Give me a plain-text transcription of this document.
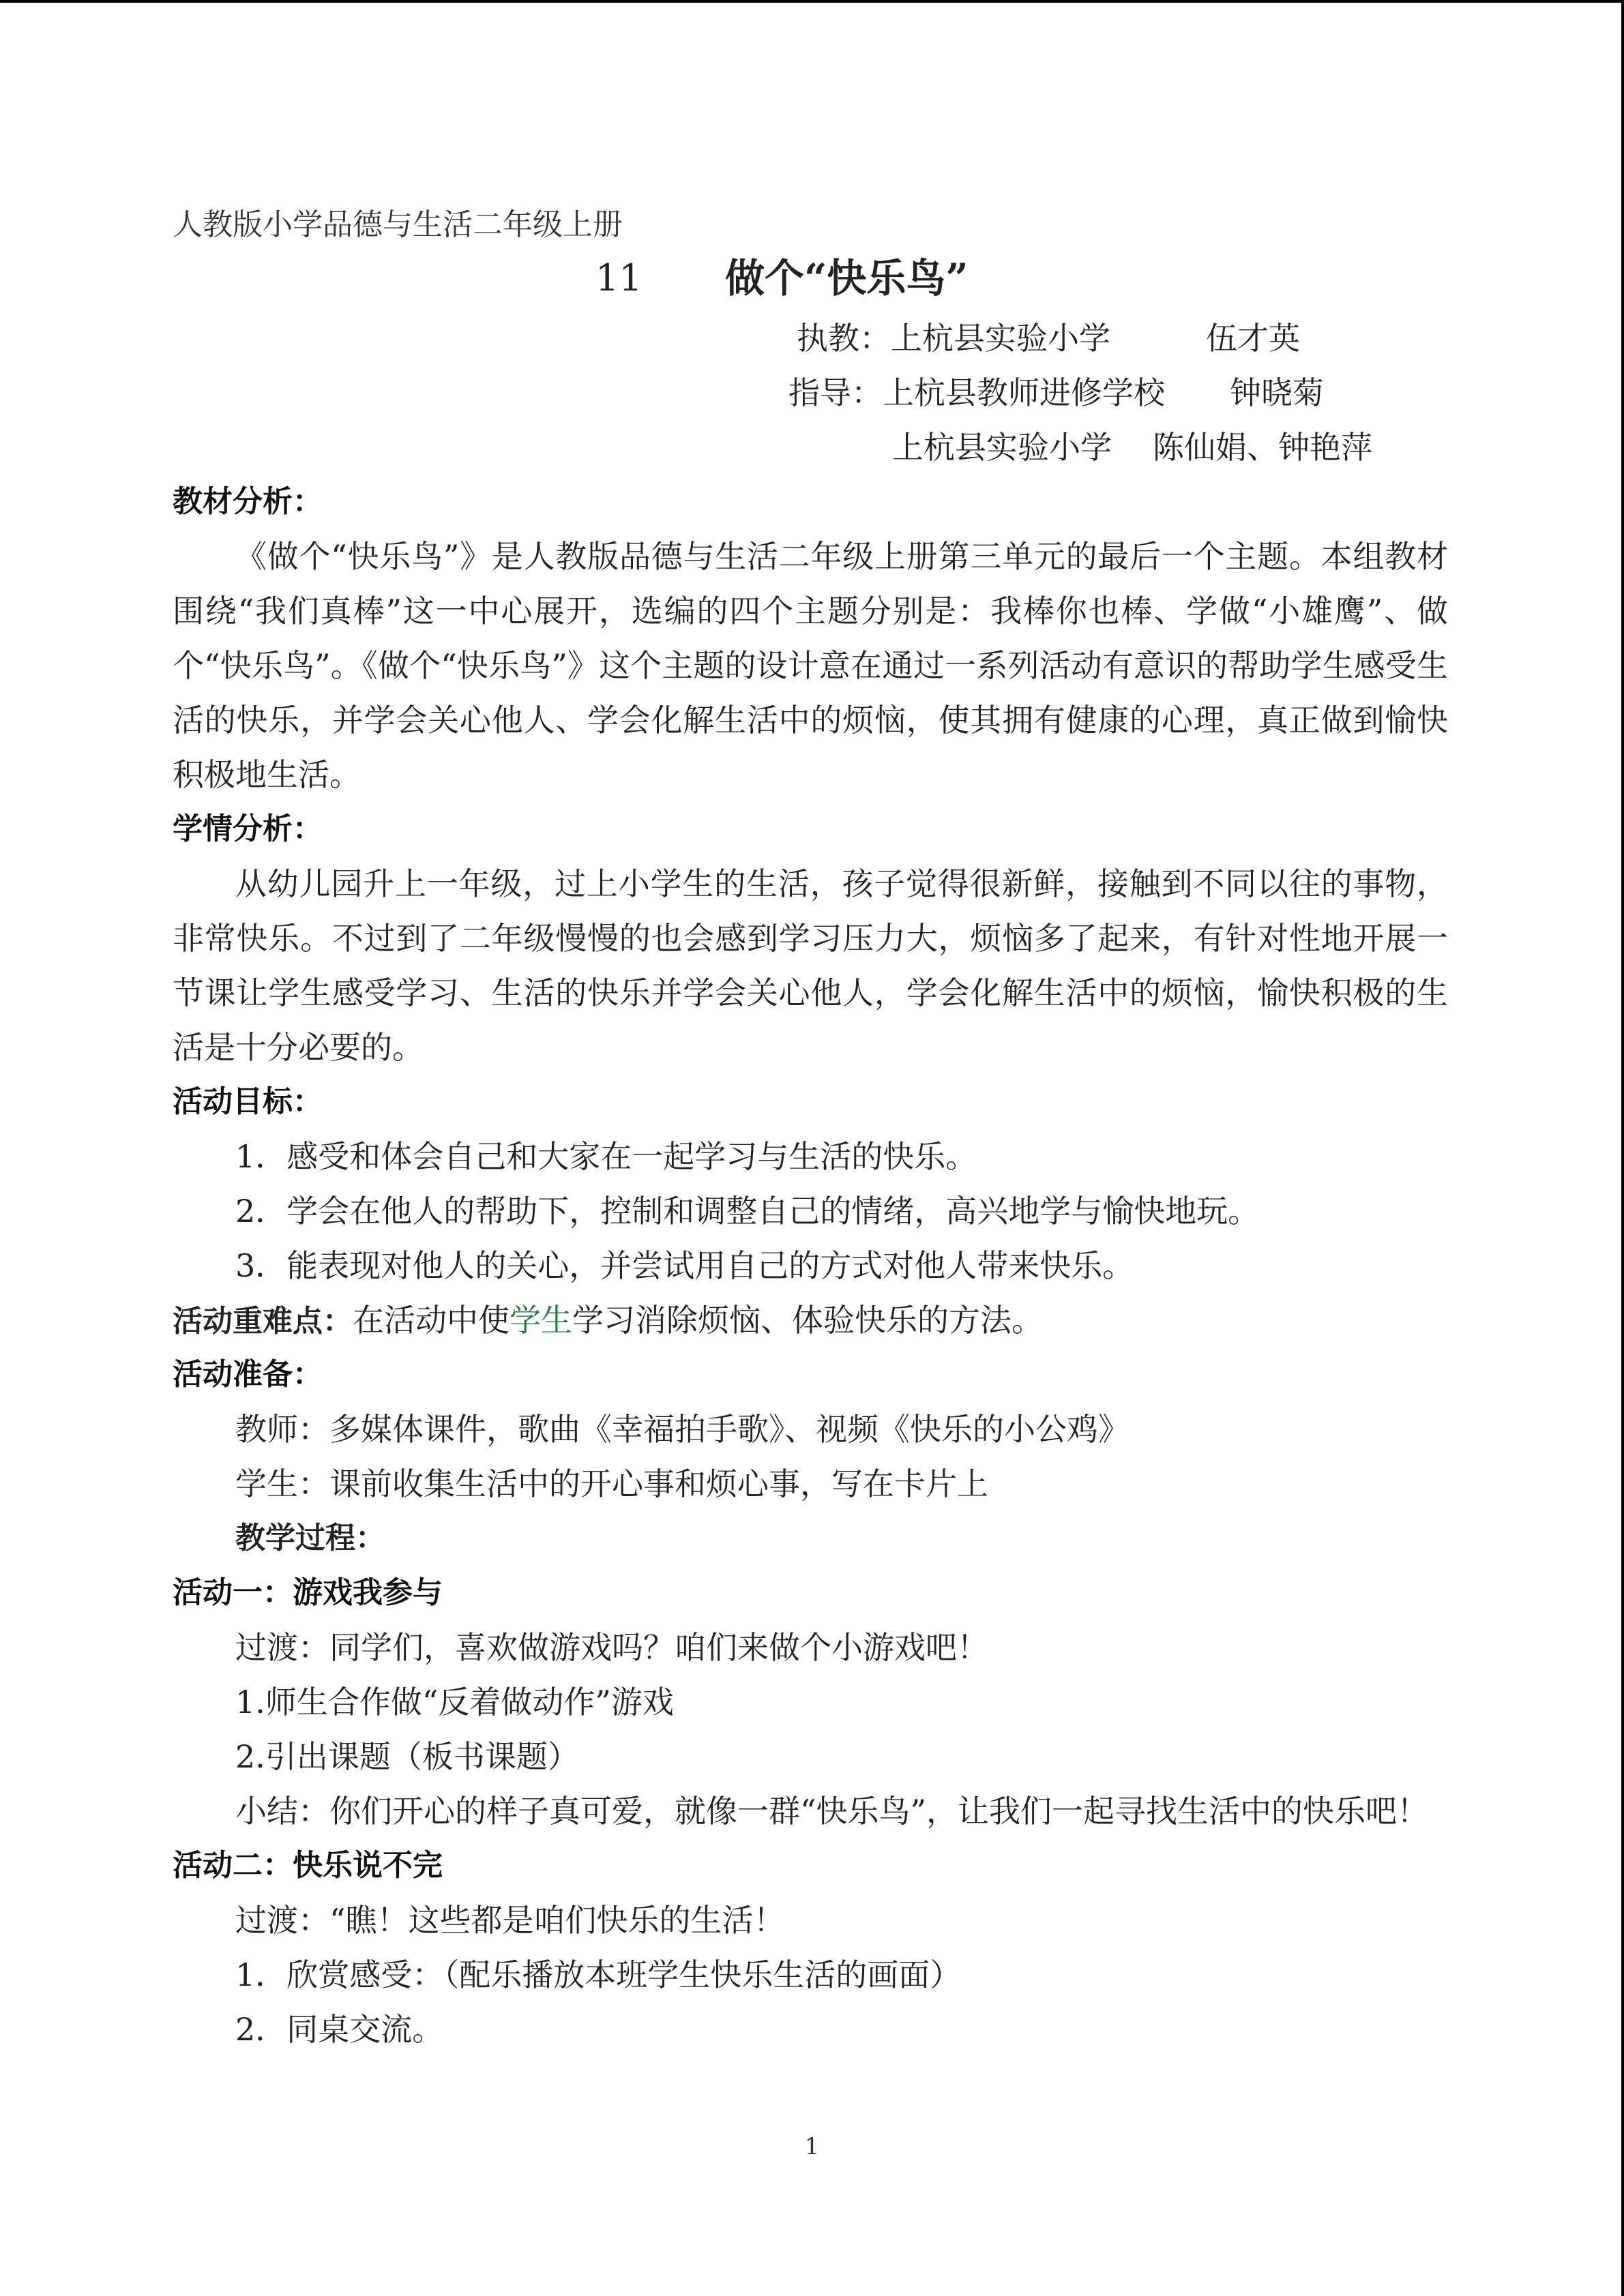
人教版小学品德与生活二年级上册
11 做个“快乐鸟”
执教：上杭县实验小学	伍才英
指导：上杭县教师进修学校 钟晓菊
上杭县实验小学 陈仙娟、钟艳萍
教材分析：
《做个“快乐鸟”》是人教版品德与生活二年级上册第三单元的最后一个主题。本组教材围绕“我们真棒”这一中心展开，选编的四个主题分别是：我棒你也棒、学做“小雄鹰”、做个“快乐鸟”。《做个“快乐鸟”》这个主题的设计意在通过一系列活动有意识的帮助学生感受生活的快乐，并学会关心他人、学会化解生活中的烦恼，使其拥有健康的心理，真正做到愉快积极地生活。
学情分析：
从幼儿园升上一年级，过上小学生的生活，孩子觉得很新鲜，接触到不同以往的事物，非常快乐。不过到了二年级慢慢的也会感到学习压力大，烦恼多了起来，有针对性地开展一节课让学生感受学习、生活的快乐并学会关心他人，学会化解生活中的烦恼，愉快积极的生活是十分必要的。
活动目标：
1．感受和体会自己和大家在一起学习与生活的快乐。
2．学会在他人的帮助下，控制和调整自己的情绪，高兴地学与愉快地玩。
3．能表现对他人的关心，并尝试用自己的方式对他人带来快乐。
活动重难点：在活动中使学生学习消除烦恼、体验快乐的方法。
活动准备：
教师：多媒体课件，歌曲《幸福拍手歌》、视频《快乐的小公鸡》
学生：课前收集生活中的开心事和烦心事，写在卡片上
教学过程：
活动一：游戏我参与
过渡：同学们，喜欢做游戏吗？咱们来做个小游戏吧！
1.师生合作做“反着做动作”游戏
2.引出课题（板书课题）
小结：你们开心的样子真可爱，就像一群“快乐鸟”，让我们一起寻找生活中的快乐吧！
活动二：快乐说不完
过渡：“瞧！这些都是咱们快乐的生活！
1．欣赏感受：（配乐播放本班学生快乐生活的画面）
2．同桌交流。
1
